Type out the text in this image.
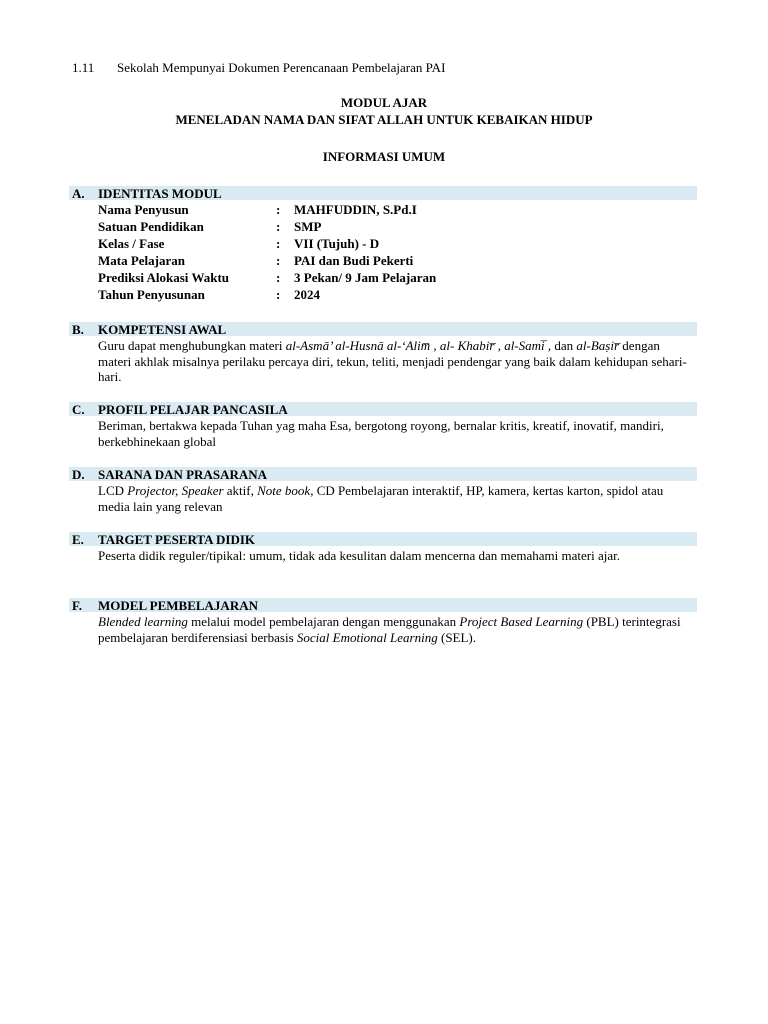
1.11 Sekolah Mempunyai Dokumen Perencanaan Pembelajaran PAI
MODUL AJAR
MENELADAN NAMA DAN SIFAT ALLAH UNTUK KEBAIKAN HIDUP
INFORMASI UMUM
A. IDENTITAS MODUL
Nama Penyusun	: MAHFUDDIN, S.Pd.I
Satuan Pendidikan	: SMP
Kelas / Fase	: VII (Tujuh) - D
Mata Pelajaran	: PAI dan Budi Pekerti
Prediksi Alokasi Waktu	: 3 Pekan/ 9 Jam Pelajaran
Tahun Penyusunan	: 2024
B. KOMPETENSI AWAL
Guru dapat menghubungkan materi al-Asmā’ al-Husnā al-‘Alim̅ , al- Khabir̅ , al-Sami̅ , dan al-Baṣir̅ dengan materi akhlak misalnya perilaku percaya diri, tekun, teliti, menjadi pendengar yang baik dalam kehidupan sehari-hari.
C. PROFIL PELAJAR PANCASILA
Beriman, bertakwa kepada Tuhan yag maha Esa, bergotong royong, bernalar kritis, kreatif, inovatif, mandiri, berkebhinekaan global
D. SARANA DAN PRASARANA
LCD Projector, Speaker aktif, Note book, CD Pembelajaran interaktif, HP, kamera, kertas karton, spidol atau media lain yang relevan
E. TARGET PESERTA DIDIK
Peserta didik reguler/tipikal: umum, tidak ada kesulitan dalam mencerna dan memahami materi ajar.
F. MODEL PEMBELAJARAN
Blended learning melalui model pembelajaran dengan menggunakan Project Based Learning (PBL) terintegrasi pembelajaran berdiferensiasi berbasis Social Emotional Learning (SEL).
